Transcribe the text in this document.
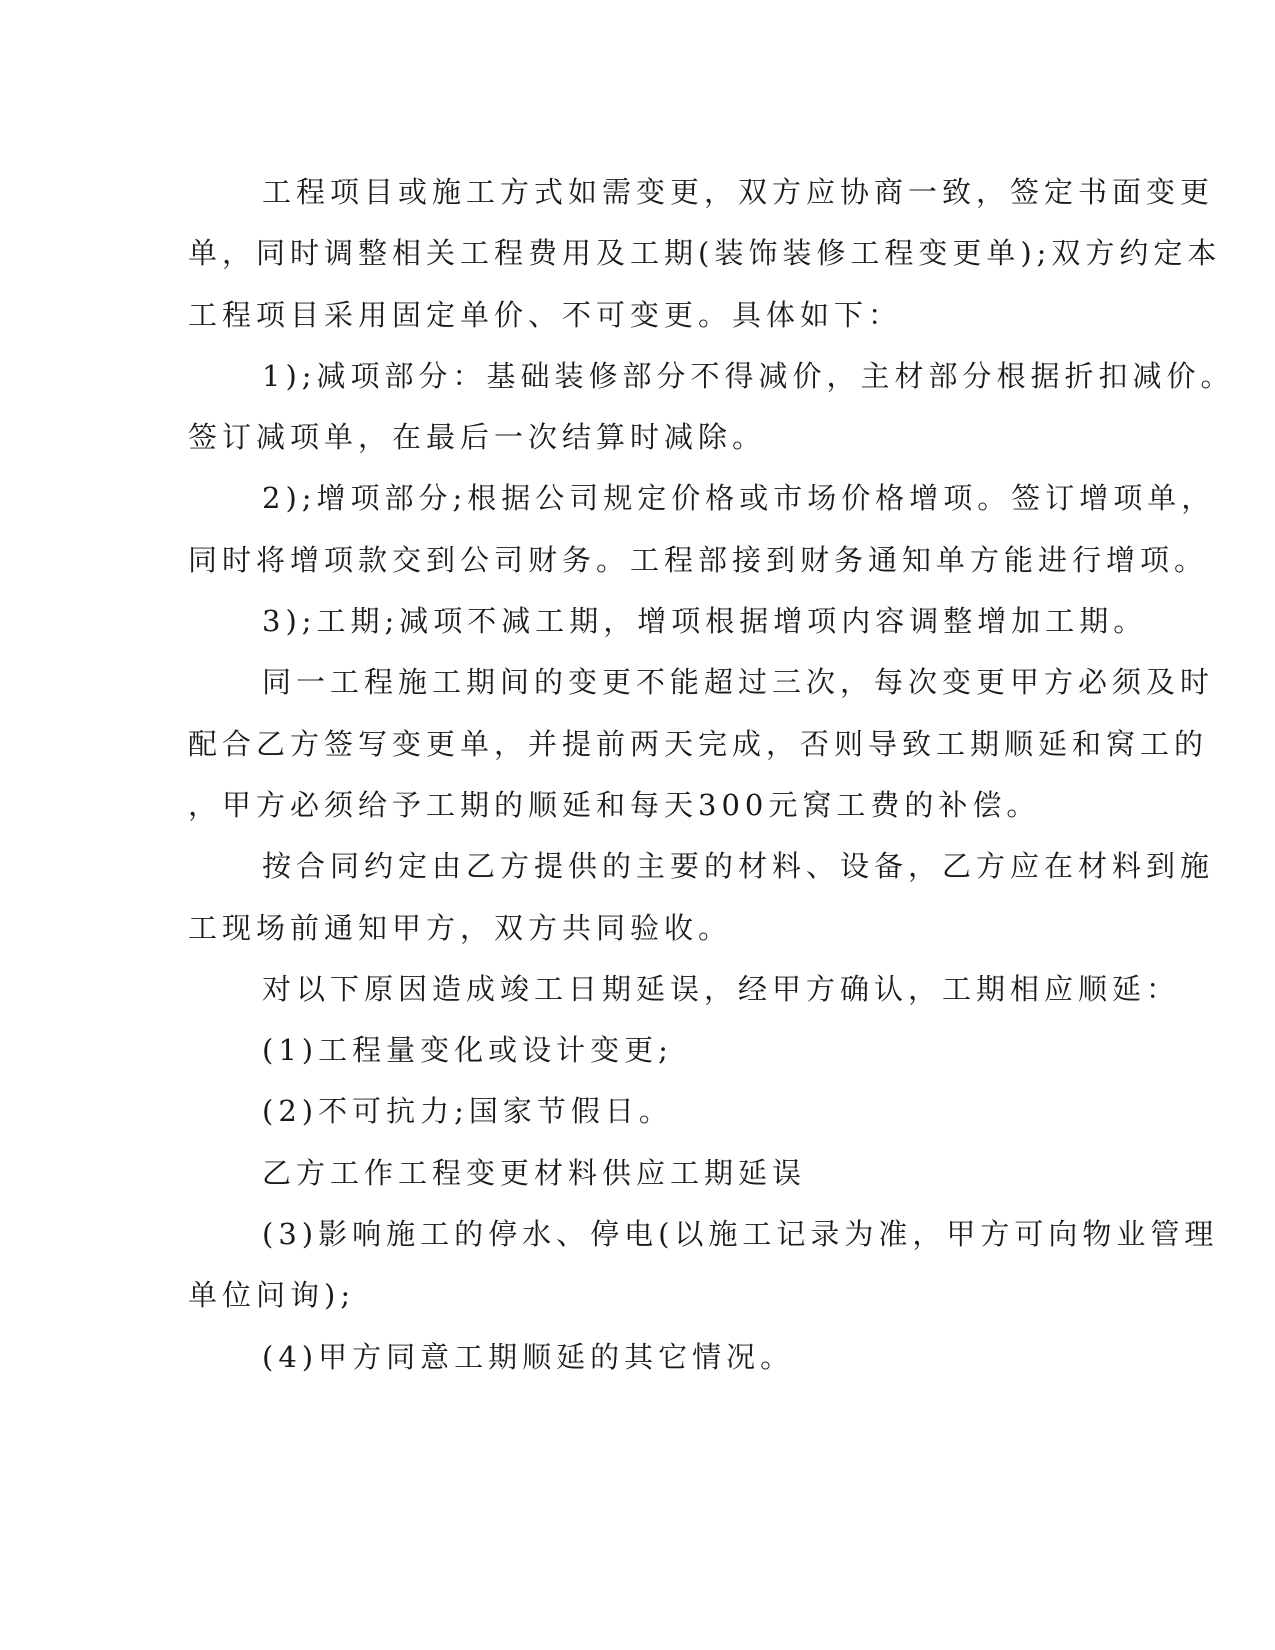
工程项目或施工方式如需变更，双方应协商一致，签定书面变更
单，同时调整相关工程费用及工期(装饰装修工程变更单);双方约定本
工程项目采用固定单价、不可变更。具体如下：
1);减项部分：基础装修部分不得减价，主材部分根据折扣减价。
签订减项单，在最后一次结算时减除。
2);增项部分;根据公司规定价格或市场价格增项。签订增项单，
同时将增项款交到公司财务。工程部接到财务通知单方能进行增项。
3);工期;减项不减工期，增项根据增项内容调整增加工期。
同一工程施工期间的变更不能超过三次，每次变更甲方必须及时
配合乙方签写变更单，并提前两天完成，否则导致工期顺延和窝工的
，甲方必须给予工期的顺延和每天300元窝工费的补偿。
按合同约定由乙方提供的主要的材料、设备，乙方应在材料到施
工现场前通知甲方，双方共同验收。
对以下原因造成竣工日期延误，经甲方确认，工期相应顺延：
(1)工程量变化或设计变更;
(2)不可抗力;国家节假日。
乙方工作工程变更材料供应工期延误
(3)影响施工的停水、停电(以施工记录为准，甲方可向物业管理
单位问询);
(4)甲方同意工期顺延的其它情况。
